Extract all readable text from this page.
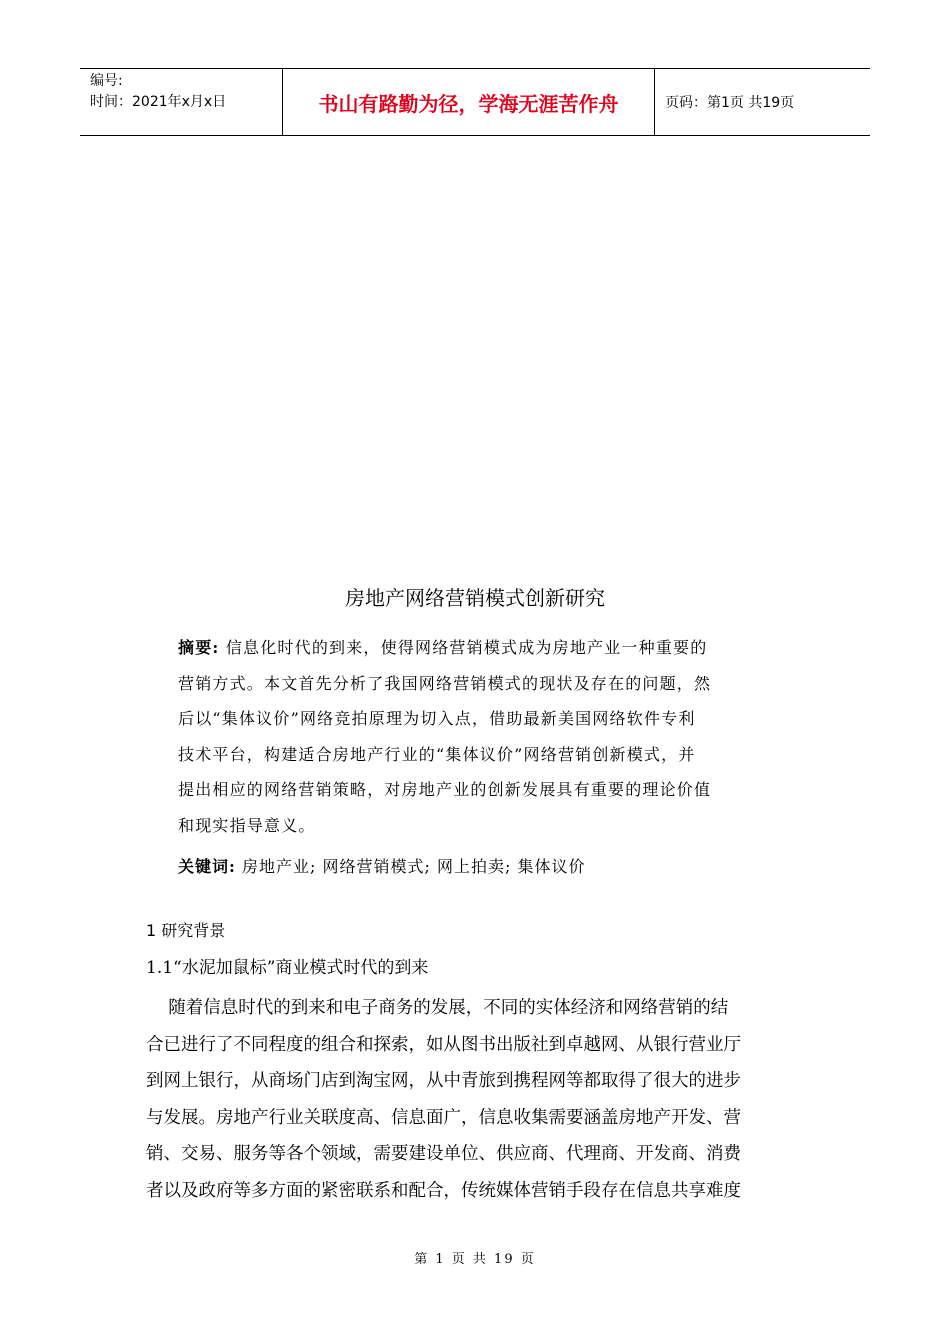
编号:
时间：2021年x月x日	书山有路勤为径，学海无涯苦作舟	页码：第1页 共19页
房地产网络营销模式创新研究
摘要: 信息化时代的到来，使得网络营销模式成为房地产业一种重要的
营销方式。本文首先分析了我国网络营销模式的现状及存在的问题，然
后以“集体议价”网络竞拍原理为切入点，借助最新美国网络软件专利
技术平台，构建适合房地产行业的“集体议价”网络营销创新模式，并
提出相应的网络营销策略，对房地产业的创新发展具有重要的理论价值
和现实指导意义。
关键词: 房地产业; 网络营销模式; 网上拍卖; 集体议价
1 研究背景
1.1“水泥加鼠标”商业模式时代的到来
随着信息时代的到来和电子商务的发展，不同的实体经济和网络营销的结
合已进行了不同程度的组合和探索，如从图书出版社到卓越网、从银行营业厅
到网上银行，从商场门店到淘宝网，从中青旅到携程网等都取得了很大的进步
与发展。房地产行业关联度高、信息面广，信息收集需要涵盖房地产开发、营
销、交易、服务等各个领域，需要建设单位、供应商、代理商、开发商、消费
者以及政府等多方面的紧密联系和配合，传统媒体营销手段存在信息共享难度
第 1 页 共 19 页
